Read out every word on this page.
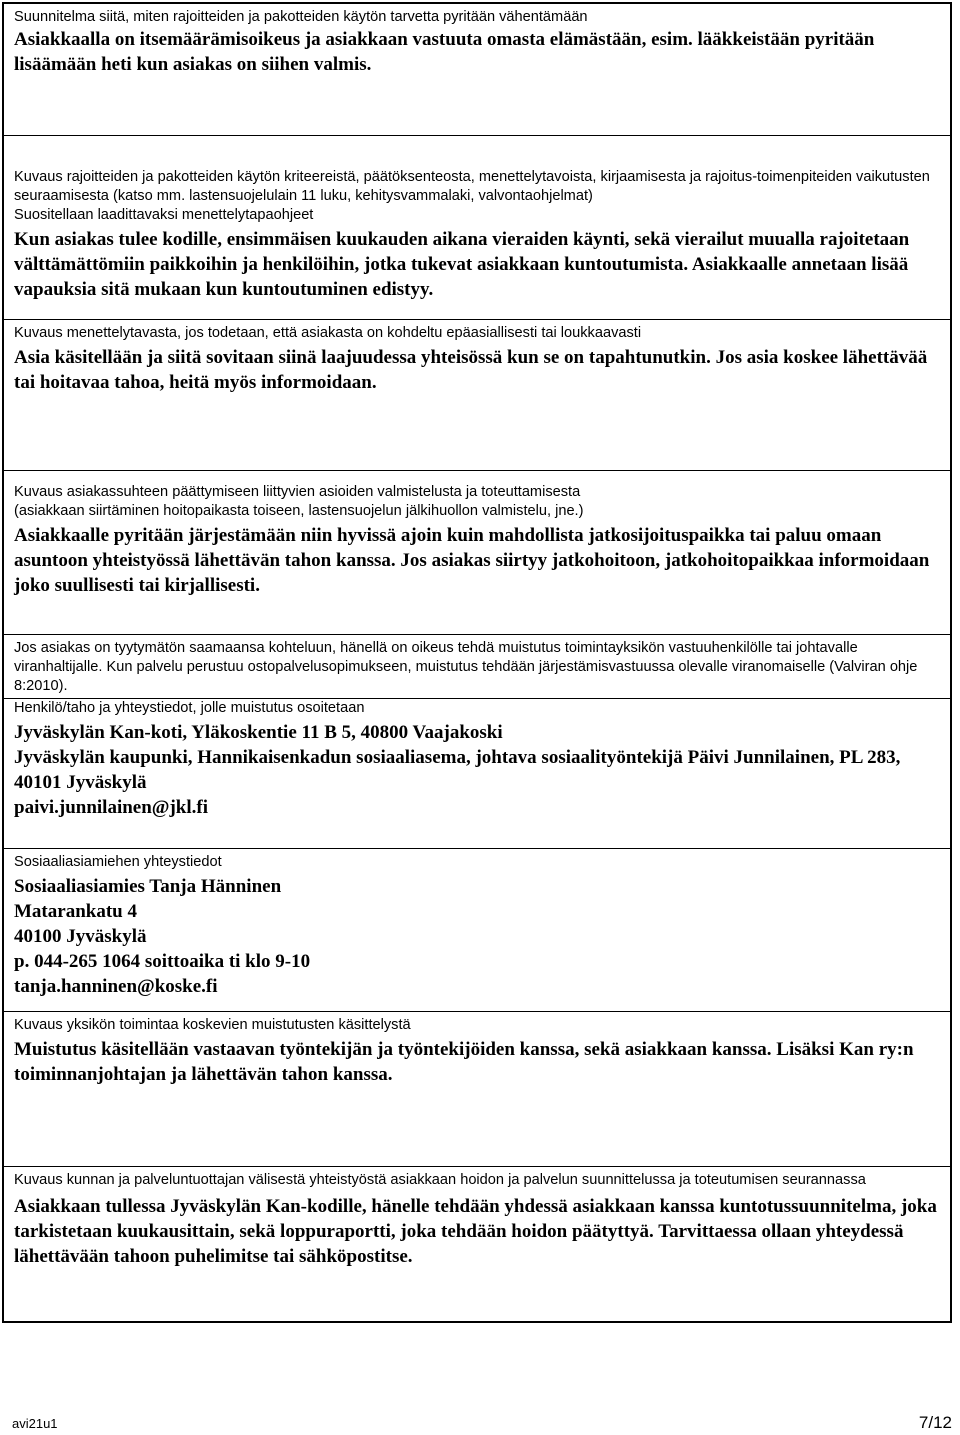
Suunnitelma siitä, miten rajoitteiden ja pakotteiden käytön tarvetta pyritään vähentämään

Asiakkaalla on itsemäärämisoikeus ja asiakkaan vastuuta omasta elämästään, esim. lääkkeistään pyritään lisäämään heti kun asiakas on siihen valmis.

Kuvaus rajoitteiden ja pakotteiden käytön kriteereistä, päätöksenteosta, menettelytavoista, kirjaamisesta ja rajoitus-toimenpiteiden vaikutusten seuraamisesta (katso mm. lastensuojelulain 11 luku, kehitysvammalaki, valvontaohjelmat)

Suositellaan laadittavaksi menettelytapaohjeet

Kun asiakas tulee kodille, ensimmäisen kuukauden aikana vieraiden käynti, sekä vierailut muualla rajoitetaan välttämättömiin paikkoihin ja henkilöihin, jotka tukevat asiakkaan kuntoutumista. Asiakkaalle annetaan lisää vapauksia sitä mukaan kun kuntoutuminen edistyy.

Kuvaus menettelytavasta, jos todetaan, että asiakasta on kohdeltu epäasiallisesti tai loukkaavasti

Asia käsitellään ja siitä sovitaan siinä laajuudessa yhteisössä kun se on tapahtunutkin. Jos asia koskee lähettävää tai hoitavaa tahoa, heitä myös informoidaan.

Kuvaus asiakassuhteen päättymiseen liittyvien asioiden valmistelusta ja toteuttamisesta

(asiakkaan siirtäminen hoitopaikasta toiseen, lastensuojelun jälkihuollon valmistelu, jne.)

Asiakkaalle pyritään järjestämään niin hyvissä ajoin kuin mahdollista jatkosijoituspaikka tai paluu omaan asuntoon yhteistyössä lähettävän tahon kanssa. Jos asiakas siirtyy jatkohoitoon, jatkohoitopaikkaa informoidaan joko suullisesti tai kirjallisesti.

Jos asiakas on tyytymätön saamaansa kohteluun, hänellä on oikeus tehdä muistutus toimintayksikön vastuuhenkilölle tai johtavalle viranhaltijalle. Kun palvelu perustuu ostopalvelusopimukseen, muistutus tehdään järjestämisvastuussa olevalle viranomaiselle (Valviran ohje 8:2010).

Henkilö/taho ja yhteystiedot, jolle muistutus osoitetaan

Jyväskylän Kan-koti, Yläkoskentie 11 B 5, 40800 Vaajakoski

Jyväskylän kaupunki, Hannikaisenkadun sosiaaliasema, johtava sosiaalityöntekijä Päivi Junnilainen, PL 283, 40101 Jyväskylä

paivi.junnilainen@jkl.fi

Sosiaaliasiamiehen yhteystiedot

Sosiaaliasiamies Tanja Hänninen

Matarankatu 4

40100 Jyväskylä

p. 044-265 1064 soittoaika ti klo 9-10

tanja.hanninen@koske.fi

Kuvaus yksikön toimintaa koskevien muistutusten käsittelystä

Muistutus käsitellään vastaavan työntekijän ja työntekijöiden kanssa, sekä asiakkaan kanssa. Lisäksi Kan ry:n toiminnanjohtajan ja lähettävän tahon kanssa.

Kuvaus kunnan ja palveluntuottajan välisestä yhteistyöstä asiakkaan hoidon ja palvelun suunnittelussa ja toteutumisen seurannassa

Asiakkaan tullessa Jyväskylän Kan-kodille, hänelle tehdään yhdessä asiakkaan kanssa kuntotussuunnitelma, joka tarkistetaan kuukausittain, sekä loppuraportti, joka tehdään hoidon päätyttyä. Tarvittaessa ollaan yhteydessä lähettävään tahoon puhelimitse tai sähköpostitse.

avi21u1	7/12
